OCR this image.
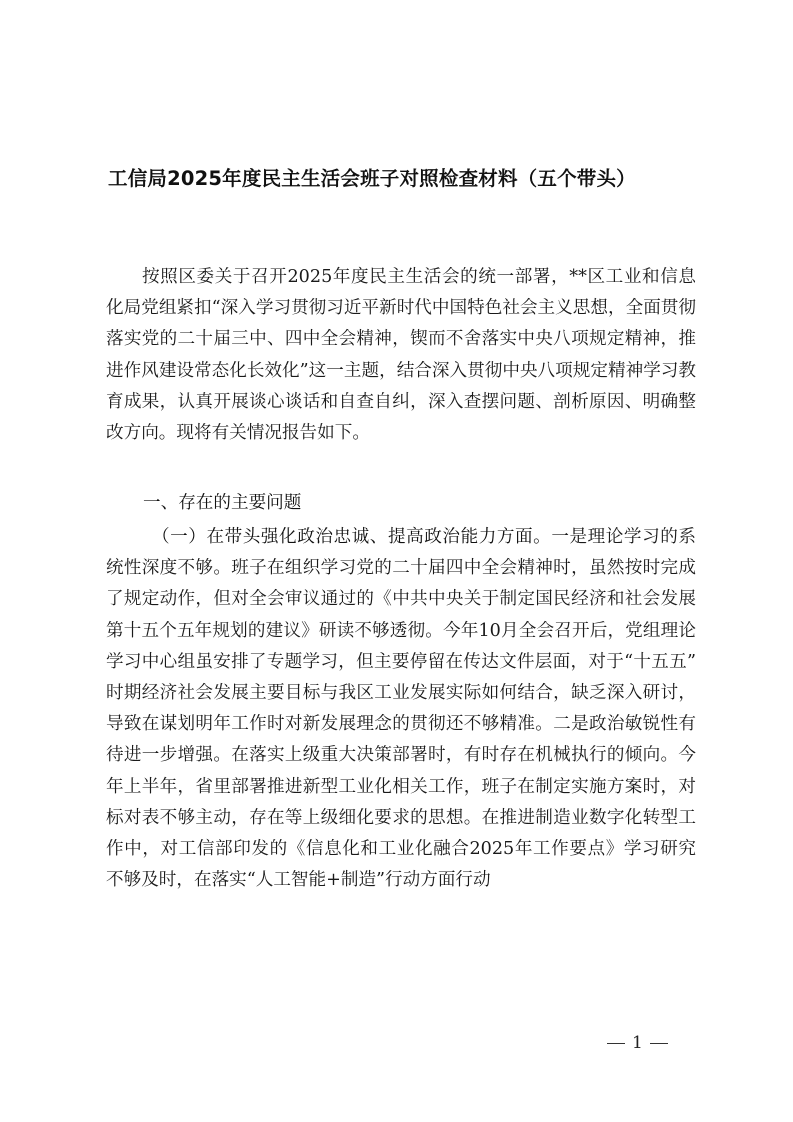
工信局2025年度民主生活会班子对照检查材料（五个带头）
按照区委关于召开2025年度民主生活会的统一部署，**区工业和信息化局党组紧扣“深入学习贯彻习近平新时代中国特色社会主义思想，全面贯彻落实党的二十届三中、四中全会精神，锲而不舍落实中央八项规定精神，推进作风建设常态化长效化”这一主题，结合深入贯彻中央八项规定精神学习教育成果，认真开展谈心谈话和自查自纠，深入查摆问题、剖析原因、明确整改方向。现将有关情况报告如下。
一、存在的主要问题
（一）在带头强化政治忠诚、提高政治能力方面。一是理论学习的系统性深度不够。班子在组织学习党的二十届四中全会精神时，虽然按时完成了规定动作，但对全会审议通过的《中共中央关于制定国民经济和社会发展第十五个五年规划的建议》研读不够透彻。今年10月全会召开后，党组理论学习中心组虽安排了专题学习，但主要停留在传达文件层面，对于“十五五”时期经济社会发展主要目标与我区工业发展实际如何结合，缺乏深入研讨，导致在谋划明年工作时对新发展理念的贯彻还不够精准。二是政治敏锐性有待进一步增强。在落实上级重大决策部署时，有时存在机械执行的倾向。今年上半年，省里部署推进新型工业化相关工作，班子在制定实施方案时，对标对表不够主动，存在等上级细化要求的思想。在推进制造业数字化转型工作中，对工信部印发的《信息化和工业化融合2025年工作要点》学习研究不够及时，在落实“人工智能+制造”行动方面行动
1
